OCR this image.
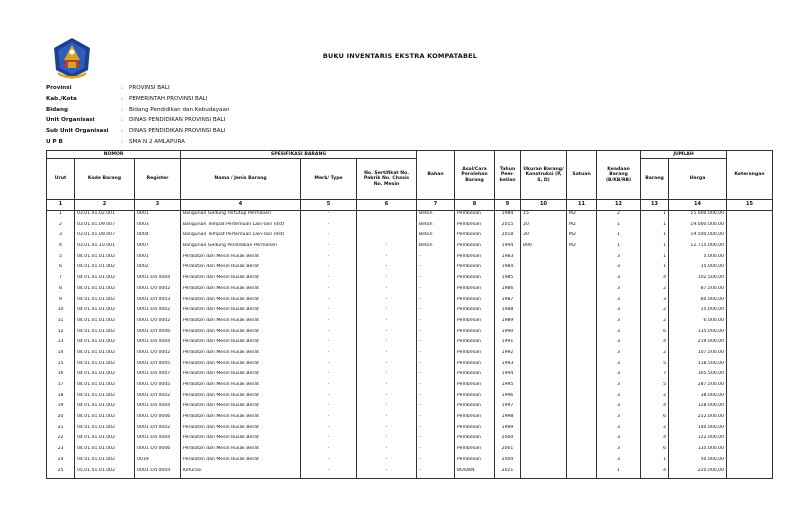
BUKU INVENTARIS EKSTRA KOMPATABEL
Provinsi	:	PROVINSI BALI
Kab./Kota	:	PEMERINTAH PROVINSI BALI
Bidang	:	Bidang Pendidikan dan Kebudayaan
Unit Organisasi	:	DINAS PENDIDIKAN PROVINSI BALI
Sub Unit Organisasi	:	DINAS PENDIDIKAN PROVINSI BALI
U P B	:	SMA N 2 AMLAPURA
NOMOR			SPESIFIKASI BARANG			Bahan	Asal/Cara Perolehan Barang	Tahun Pem- belian	Ukuran Barang/ Konstruksi (P, S, D)	Satuan	Keadaan Barang (B/KB/RB)	JUMLAH		Keterangan
Urut	Kode Barang	Register	Nama / Jenis Barang	Merk/ Type	No. Sertifikat No. Pabrik No. Chasis No. Mesin							Barang	Harga	
1	2	3	4	5	6	7	8	9	10	11	12	13	14	15
1	03.01.01.02.001	0001	Bangunan Gedung Tertutup Permanen	-		Beton	Pembelian	1984	15	M2	2	1	15.000.000,00	
2	03.01.01.09.007	0003	Bangunan Tempat Pertemuan Lain-lain (dst)	-		Beton	Pembelian	2015	20	M2	1	1	19.000.000,00	
3	03.01.01.09.007	0004	Bangunan Tempat Pertemuan Lain-lain (dst)	-		Beton	Pembelian	2018	30	M2	1	1	19.500.000,00	
4	03.01.01.10.001	0007	Bangunan Gedung Pendidikan Permanen	-	-	Beton	Pembelian	1994	890	M2	1	1	12.715.000,00	
5	04.01.01.01.002	0001	Peralatan dan Mesin Rusak Berat	-	-	-	Pembelian	1983			3	1	5.000,00	
6	04.01.01.01.002	0002	Peralatan dan Mesin Rusak Berat	-	-	-	Pembelian	1984			3	1	15.000,00	
7	04.01.01.01.002	0001 s/d 0004	Peralatan dan Mesin Rusak Berat	-	-	-	Pembelian	1985			3	4	102.500,00	
8	04.01.01.01.002	0001 s/d 0002	Peralatan dan Mesin Rusak Berat	-	-	-	Pembelian	1986			3	2	87.500,00	
9	04.01.01.01.002	0001 s/d 0003	Peralatan dan Mesin Rusak Berat	-	-	-	Pembelian	1987			3	3	60.000,00	
10	04.01.01.01.002	0001 s/d 0002	Peralatan dan Mesin Rusak Berat	-	-	-	Pembelian	1988			3	2	15.000,00	
11	04.01.01.01.002	0001 s/d 0002	Peralatan dan Mesin Rusak Berat	-	-	-	Pembelian	1989			3	2	6.000,00	
12	04.01.01.01.002	0001 s/d 0006	Peralatan dan Mesin Rusak Berat	-	-	-	Pembelian	1990			3	6	135.000,00	
13	04.01.01.01.002	0001 s/d 0004	Peralatan dan Mesin Rusak Berat	-	-	-	Pembelian	1991			3	4	219.000,00	
14	04.01.01.01.002	0001 s/d 0002	Peralatan dan Mesin Rusak Berat	-	-	-	Pembelian	1992			3	2	107.500,00	
15	04.01.01.01.002	0001 s/d 0005	Peralatan dan Mesin Rusak Berat	-	-	-	Pembelian	1993			3	5	118.500,00	
16	04.01.01.01.002	0001 s/d 0007	Peralatan dan Mesin Rusak Berat	-	-	-	Pembelian	1994			3	7	305.500,00	
17	04.01.01.01.002	0001 s/d 0005	Peralatan dan Mesin Rusak Berat	-	-	-	Pembelian	1995			3	5	287.500,00	
18	04.01.01.01.002	0001 s/d 0002	Peralatan dan Mesin Rusak Berat	-	-	-	Pembelian	1996			3	2	38.000,00	
19	04.01.01.01.002	0001 s/d 0004	Peralatan dan Mesin Rusak Berat	-	-	-	Pembelian	1997			3	4	128.000,00	
20	04.01.01.01.002	0001 s/d 0006	Peralatan dan Mesin Rusak Berat	-	-	-	Pembelian	1998			3	6	252.000,00	
21	04.01.01.01.002	0001 s/d 0002	Peralatan dan Mesin Rusak Berat	-	-	-	Pembelian	1999			3	2	140.000,00	
22	04.01.01.01.002	0001 s/d 0004	Peralatan dan Mesin Rusak Berat	-	-	-	Pembelian	2000			3	4	122.000,00	
23	04.01.01.01.002	0001 s/d 0006	Peralatan dan Mesin Rusak Berat	-	-	-	Pembelian	2001			3	6	135.000,00	
24	04.01.01.01.002	0019	Peralatan dan Mesin Rusak Berat	-	-	-	Pembelian	2004			3	1	50.000,00	
25	05.01.01.01.002	0001 s/d 0004	Kefurasi	-	-	-	BOS/KN	2021			1	4	220.000,00	
